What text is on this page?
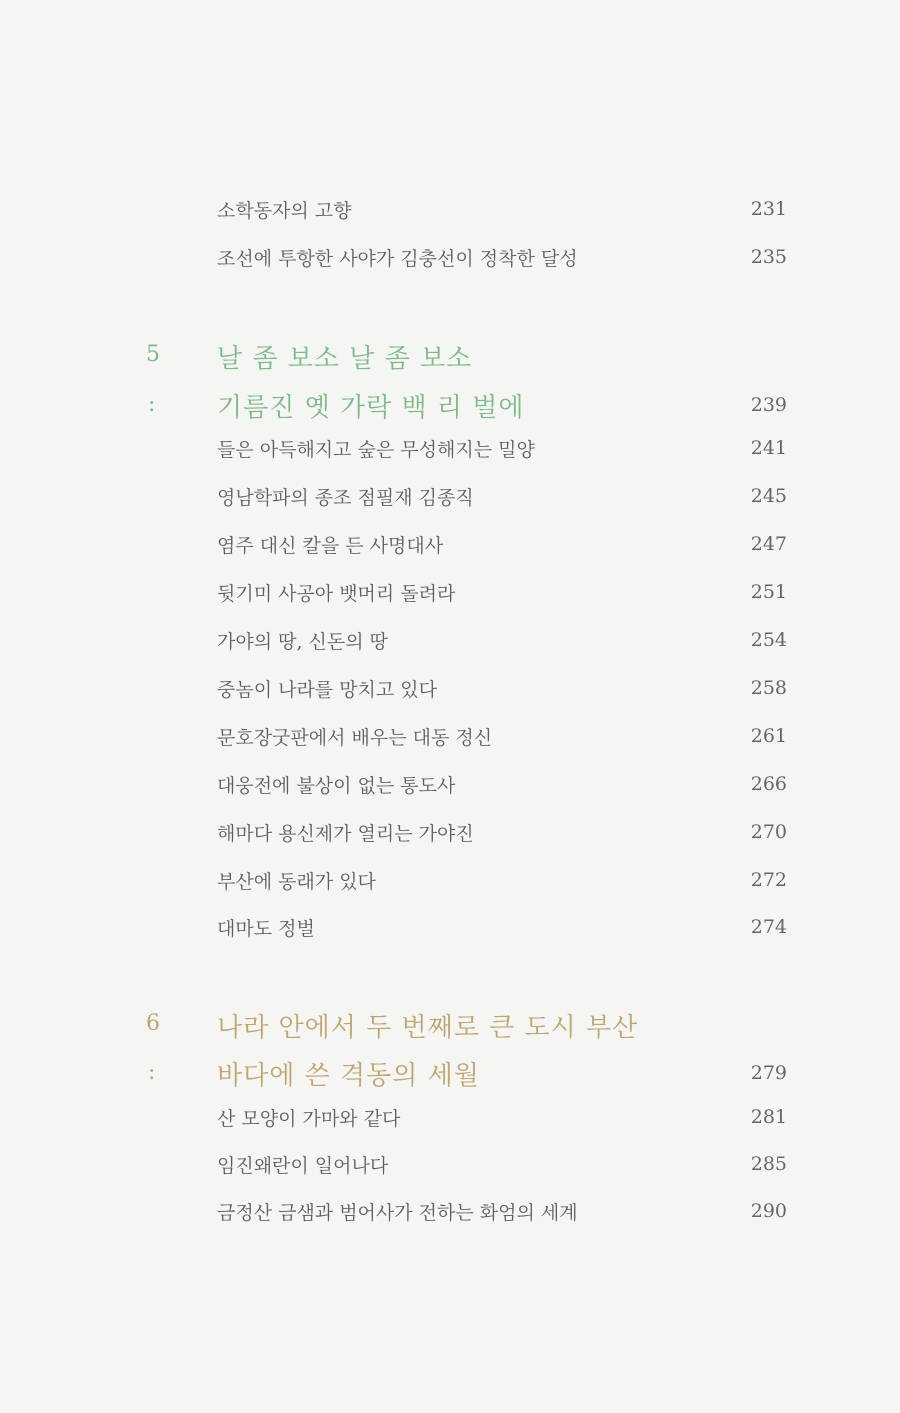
소학동자의 고향	231
조선에 투항한 사야가 김충선이 정착한 달성	235
5 날 좀 보소 날 좀 보소
: 기름진 옛 가락 백 리 벌에	239
들은 아득해지고 숲은 무성해지는 밀양	241
영남학파의 종조 점필재 김종직	245
염주 대신 칼을 든 사명대사	247
뒷기미 사공아 뱃머리 돌려라	251
가야의 땅, 신돈의 땅	254
중놈이 나라를 망치고 있다	258
문호장굿판에서 배우는 대동 정신	261
대웅전에 불상이 없는 통도사	266
해마다 용신제가 열리는 가야진	270
부산에 동래가 있다	272
대마도 정벌	274
6 나라 안에서 두 번째로 큰 도시 부산
: 바다에 쓴 격동의 세월	279
산 모양이 가마와 같다	281
임진왜란이 일어나다	285
금정산 금샘과 범어사가 전하는 화엄의 세계	290
